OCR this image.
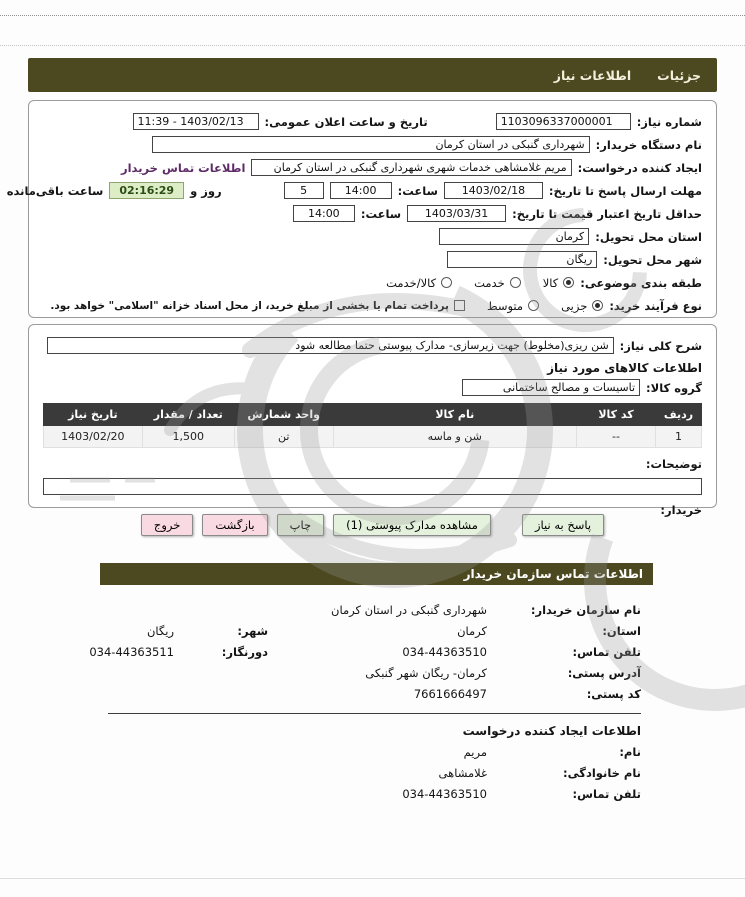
جزئیات
اطلاعات نیاز
شماره نیاز:
1103096337000001
تاریخ و ساعت اعلان عمومی:
11:39 - 1403/02/13
نام دستگاه خریدار:
شهرداری گنبکی در استان کرمان
ایجاد کننده درخواست:
مریم غلامشاهی خدمات شهری شهرداری گنبکی در استان کرمان
اطلاعات تماس خریدار
مهلت ارسال پاسخ تا تاریخ:
1403/02/18
ساعت:
14:00
5
روز و
02:16:29
ساعت باقی‌مانده
حداقل تاریخ اعتبار قیمت تا تاریخ:
1403/03/31
ساعت:
14:00
استان محل تحویل:
کرمان
شهر محل تحویل:
ریگان
طبقه بندی موضوعی:
کالا
خدمت
کالا/خدمت
نوع فرآیند خرید:
جزیی
متوسط
پرداخت تمام یا بخشی از مبلغ خرید، از محل اسناد خزانه "اسلامی" خواهد بود.
شرح کلی نیاز:
شن ریزی(مخلوط) جهت زیرسازی- مدارک پیوستی حتما مطالعه شود
اطلاعات کالاهای مورد نیاز
گروه کالا:
تاسیسات و مصالح ساختمانی
ردیف	کد کالا	نام کالا	واحد شمارش	تعداد / مقدار	تاریخ نیاز
1	--	شن و ماسه	تن	1,500	1403/02/20
توضیحات:
خریدار:
پاسخ به نیاز
مشاهده مدارک پیوستی (1)
چاپ
بازگشت
خروج
اطلاعات تماس سازمان خریدار
نام سازمان خریدار:
شهرداری گنبکی در استان کرمان
استان:
کرمان
شهر:
ریگان
تلفن تماس:
034-44363510
دورنگار:
034-44363511
آدرس پستی:
کرمان- ریگان شهر گنبکی
کد پستی:
7661666497
اطلاعات ایجاد کننده درخواست
نام:
مریم
نام خانوادگی:
غلامشاهی
تلفن تماس:
034-44363510
